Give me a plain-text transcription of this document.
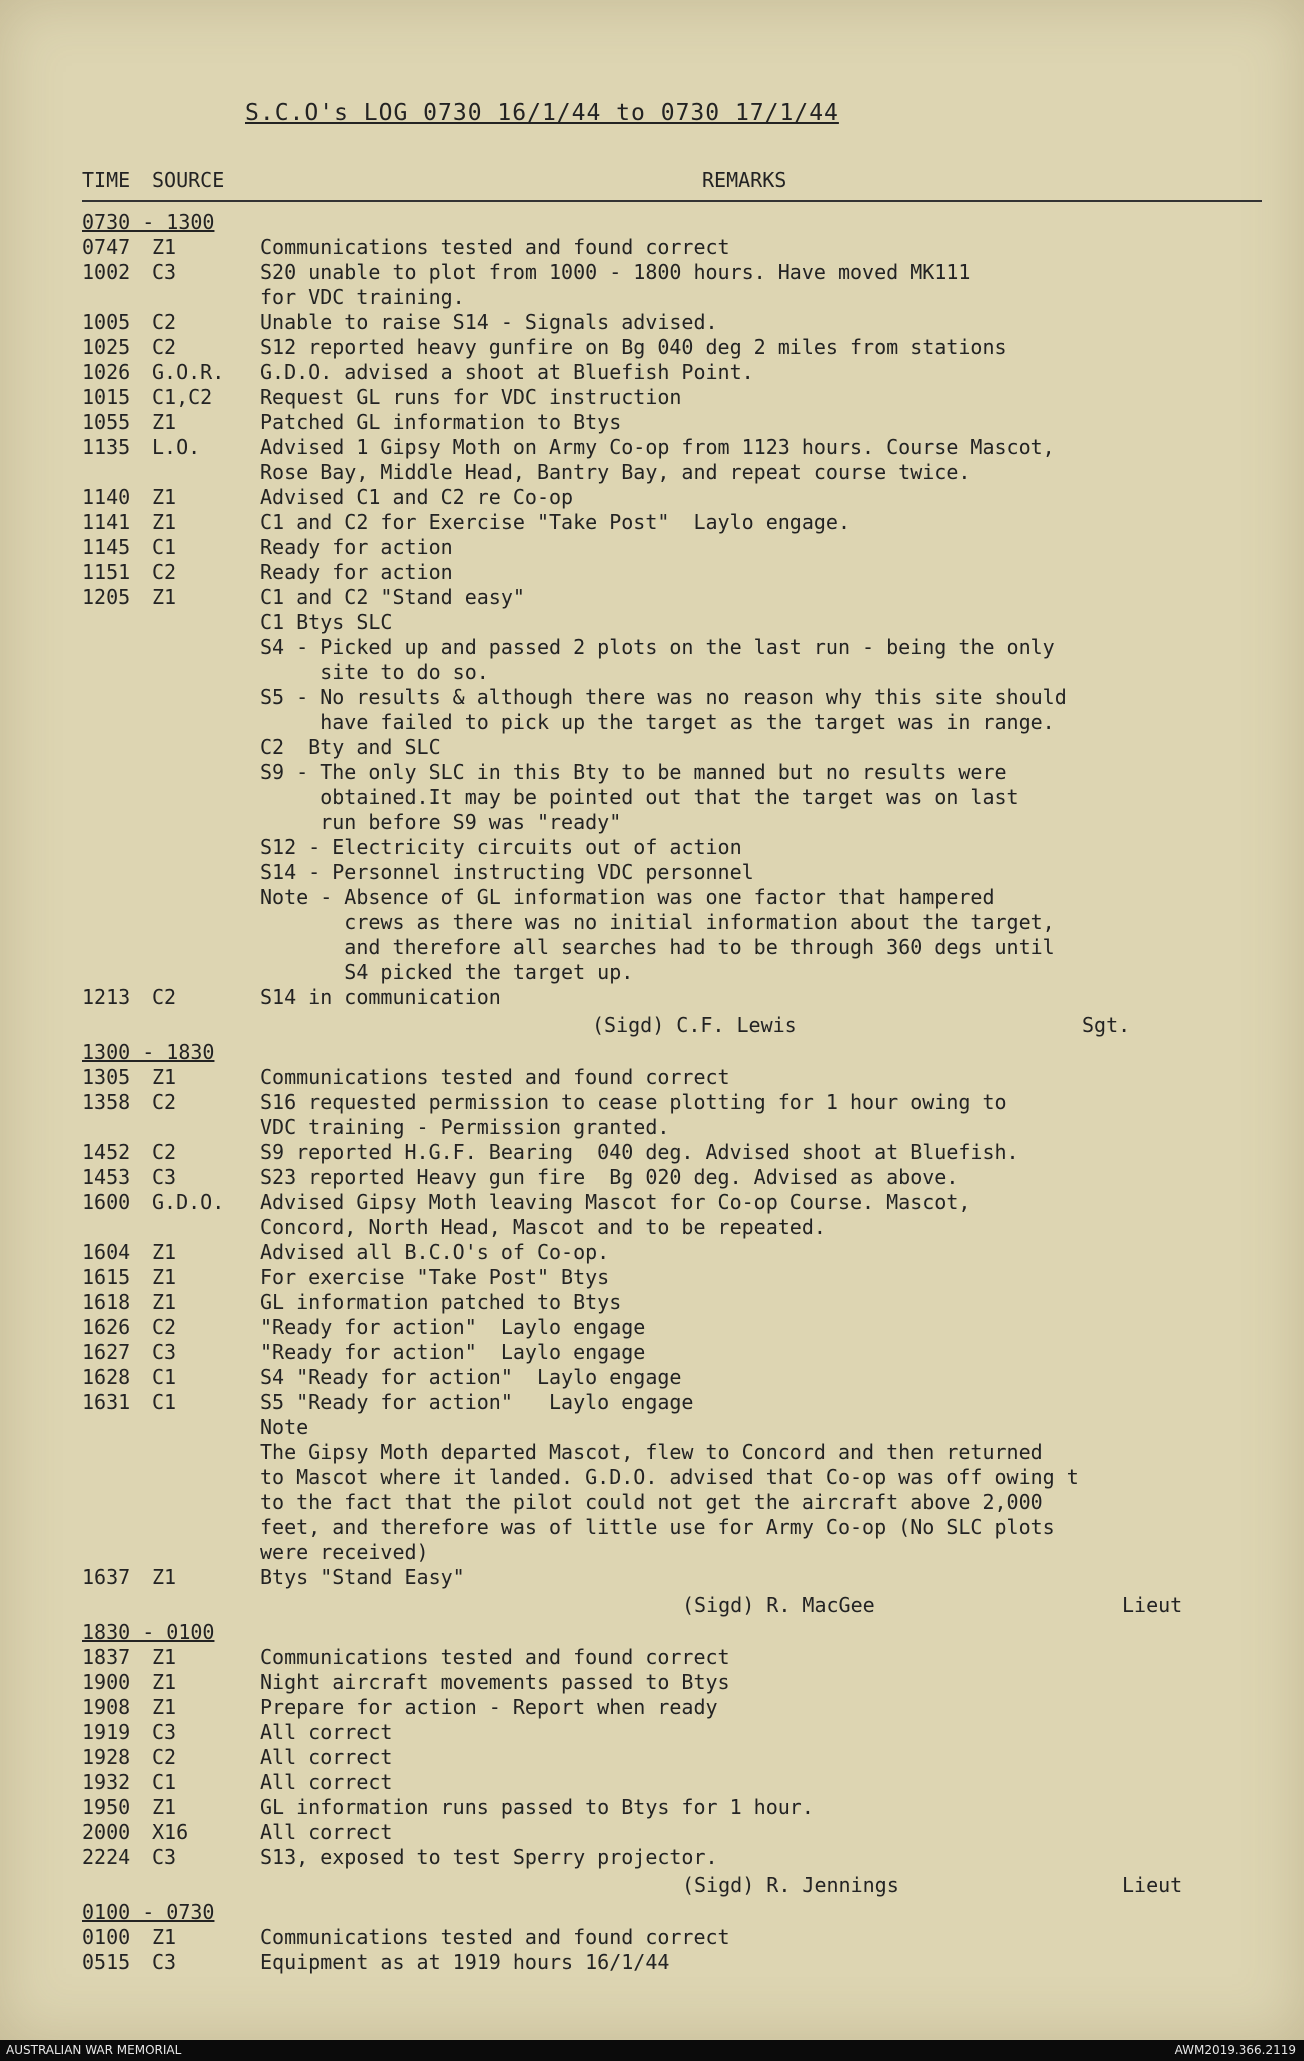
S.C.O's LOG 0730 16/1/44 to 0730 17/1/44
TIME SOURCE	REMARKS
0730 - 1300
0747 Z1	Communications tested and found correct
1002 C3	S20 unable to plot from 1000 - 1800 hours. Have moved MK111
for VDC training.
1005 C2	Unable to raise S14 - Signals advised.
1025 C2	S12 reported heavy gunfire on Bg 040 deg 2 miles from stations
1026 G.O.R.	G.D.O. advised a shoot at Bluefish Point.
1015 C1,C2	Request GL runs for VDC instruction
1055 Z1	Patched GL information to Btys
1135 L.O.	Advised 1 Gipsy Moth on Army Co-op from 1123 hours. Course Mascot,
Rose Bay, Middle Head, Bantry Bay, and repeat course twice.
1140 Z1	Advised C1 and C2 re Co-op
1141 Z1	C1 and C2 for Exercise "Take Post"  Laylo engage.
1145 C1	Ready for action
1151 C2	Ready for action
1205 Z1	C1 and C2 "Stand easy"
C1 Btys SLC
S4 - Picked up and passed 2 plots on the last run - being the only
site to do so.
S5 - No results & although there was no reason why this site should
have failed to pick up the target as the target was in range.
C2  Bty and SLC
S9 - The only SLC in this Bty to be manned but no results were
obtained.It may be pointed out that the target was on last
run before S9 was "ready"
S12 - Electricity circuits out of action
S14 - Personnel instructing VDC personnel
Note - Absence of GL information was one factor that hampered
crews as there was no initial information about the target,
and therefore all searches had to be through 360 degs until
S4 picked the target up.
1213 C2	S14 in communication
(Sigd) C.F. Lewis	Sgt.
1300 - 1830
1305 Z1	Communications tested and found correct
1358 C2	S16 requested permission to cease plotting for 1 hour owing to
VDC training - Permission granted.
1452 C2	S9 reported H.G.F. Bearing  040 deg. Advised shoot at Bluefish.
1453 C3	S23 reported Heavy gun fire  Bg 020 deg. Advised as above.
1600 G.D.O.	Advised Gipsy Moth leaving Mascot for Co-op Course. Mascot,
Concord, North Head, Mascot and to be repeated.
1604 Z1	Advised all B.C.O's of Co-op.
1615 Z1	For exercise "Take Post" Btys
1618 Z1	GL information patched to Btys
1626 C2	"Ready for action"  Laylo engage
1627 C3	"Ready for action"  Laylo engage
1628 C1	S4 "Ready for action"  Laylo engage
1631 C1	S5 "Ready for action"   Laylo engage
Note
The Gipsy Moth departed Mascot, flew to Concord and then returned
to Mascot where it landed. G.D.O. advised that Co-op was off owing t
to the fact that the pilot could not get the aircraft above 2,000
feet, and therefore was of little use for Army Co-op (No SLC plots
were received)
1637 Z1	Btys "Stand Easy"
(Sigd) R. MacGee	Lieut
1830 - 0100
1837 Z1	Communications tested and found correct
1900 Z1	Night aircraft movements passed to Btys
1908 Z1	Prepare for action - Report when ready
1919 C3	All correct
1928 C2	All correct
1932 C1	All correct
1950 Z1	GL information runs passed to Btys for 1 hour.
2000 X16	All correct
2224 C3	S13, exposed to test Sperry projector.
(Sigd) R. Jennings	Lieut
0100 - 0730
0100 Z1	Communications tested and found correct
0515 C3	Equipment as at 1919 hours 16/1/44
AUSTRALIAN WAR MEMORIAL	AWM2019.366.2119
